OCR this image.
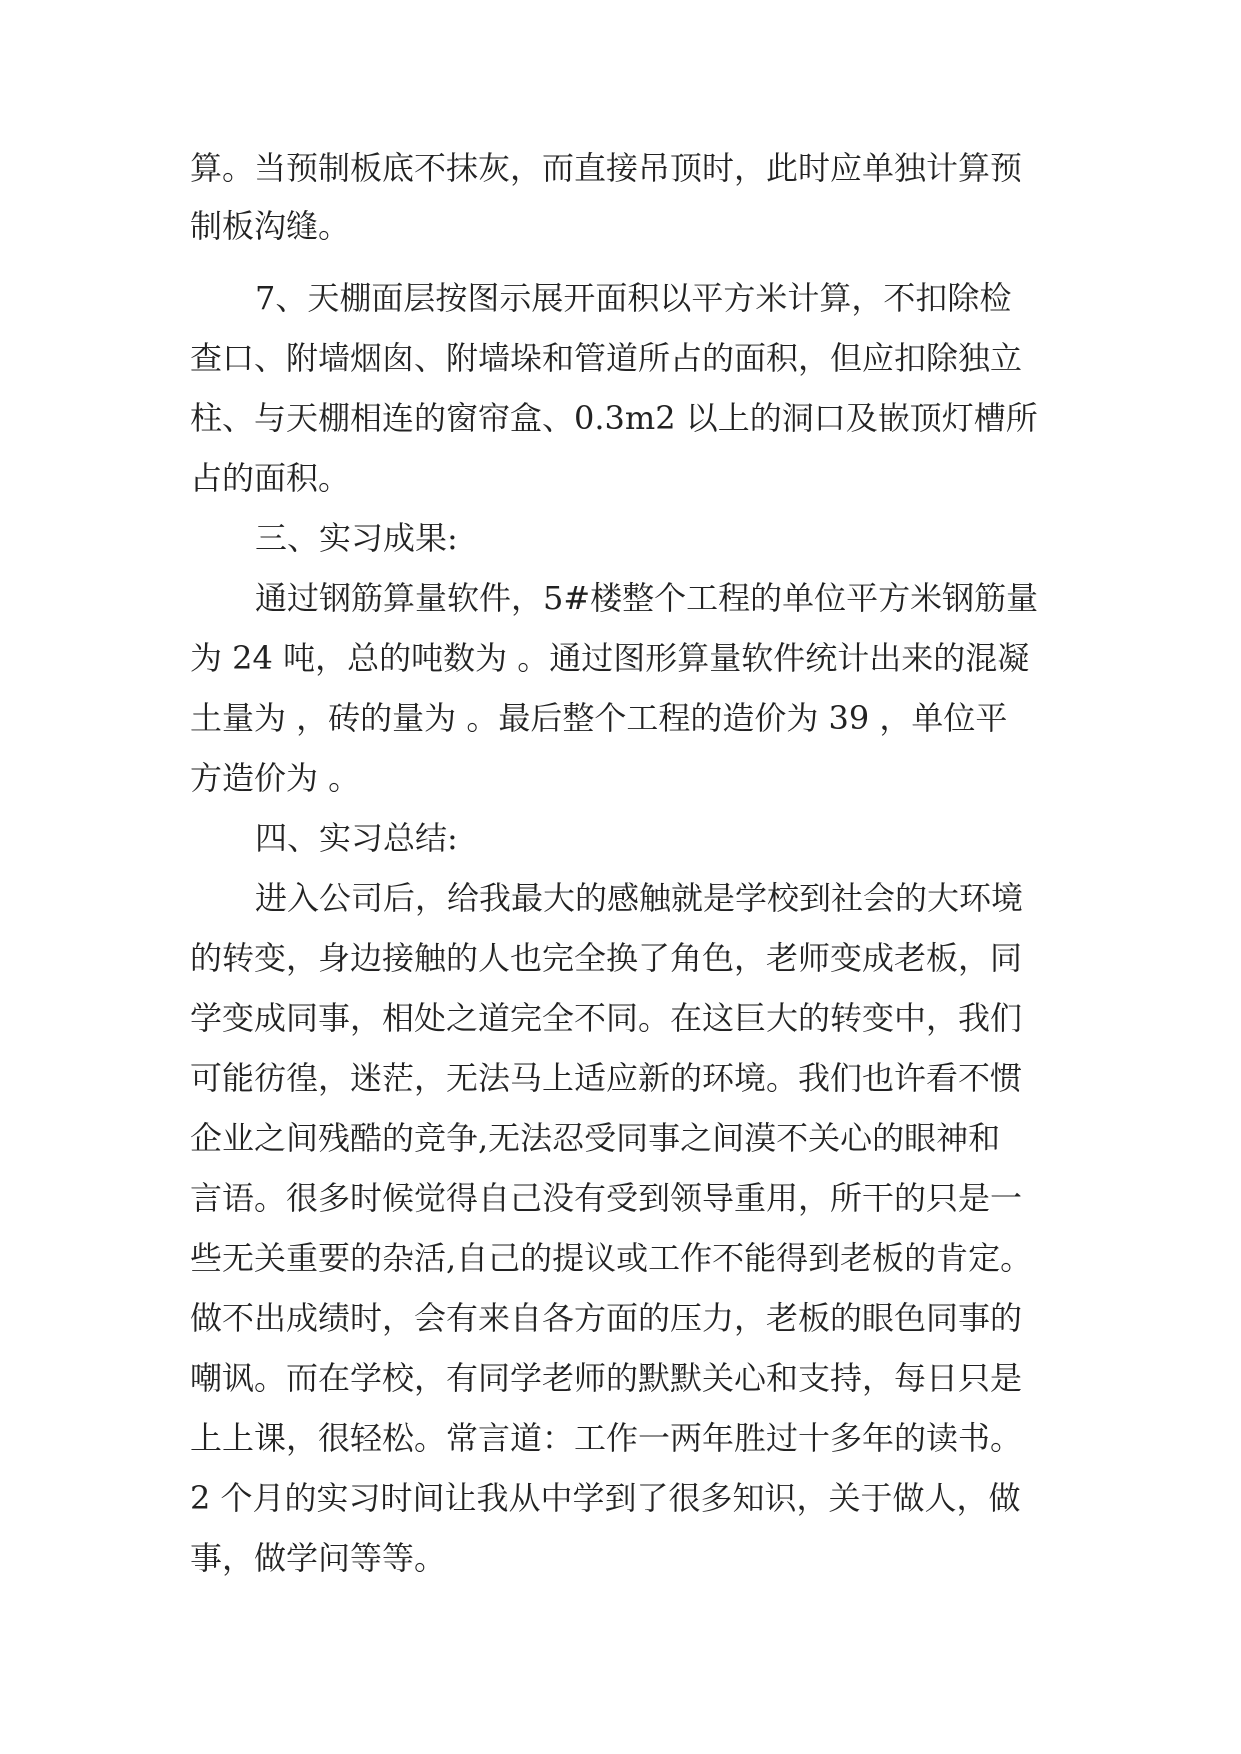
算。当预制板底不抹灰，而直接吊顶时，此时应单独计算预
制板沟缝。
7、天棚面层按图示展开面积以平方米计算，不扣除检
查口、附墙烟囱、附墙垛和管道所占的面积，但应扣除独立
柱、与天棚相连的窗帘盒、0.3m2 以上的洞口及嵌顶灯槽所
占的面积。
三、实习成果:
通过钢筋算量软件，5#楼整个工程的单位平方米钢筋量
为 24 吨，总的吨数为 。通过图形算量软件统计出来的混凝
土量为 ，砖的量为 。最后整个工程的造价为 39 ，单位平
方造价为 。
四、实习总结:
进入公司后，给我最大的感触就是学校到社会的大环境
的转变，身边接触的人也完全换了角色，老师变成老板，同
学变成同事，相处之道完全不同。在这巨大的转变中，我们
可能彷徨，迷茫，无法马上适应新的环境。我们也许看不惯
企业之间残酷的竞争,无法忍受同事之间漠不关心的眼神和
言语。很多时候觉得自己没有受到领导重用，所干的只是一
些无关重要的杂活,自己的提议或工作不能得到老板的肯定。
做不出成绩时，会有来自各方面的压力，老板的眼色同事的
嘲讽。而在学校，有同学老师的默默关心和支持，每日只是
上上课，很轻松。常言道：工作一两年胜过十多年的读书。
2 个月的实习时间让我从中学到了很多知识，关于做人，做
事，做学问等等。
